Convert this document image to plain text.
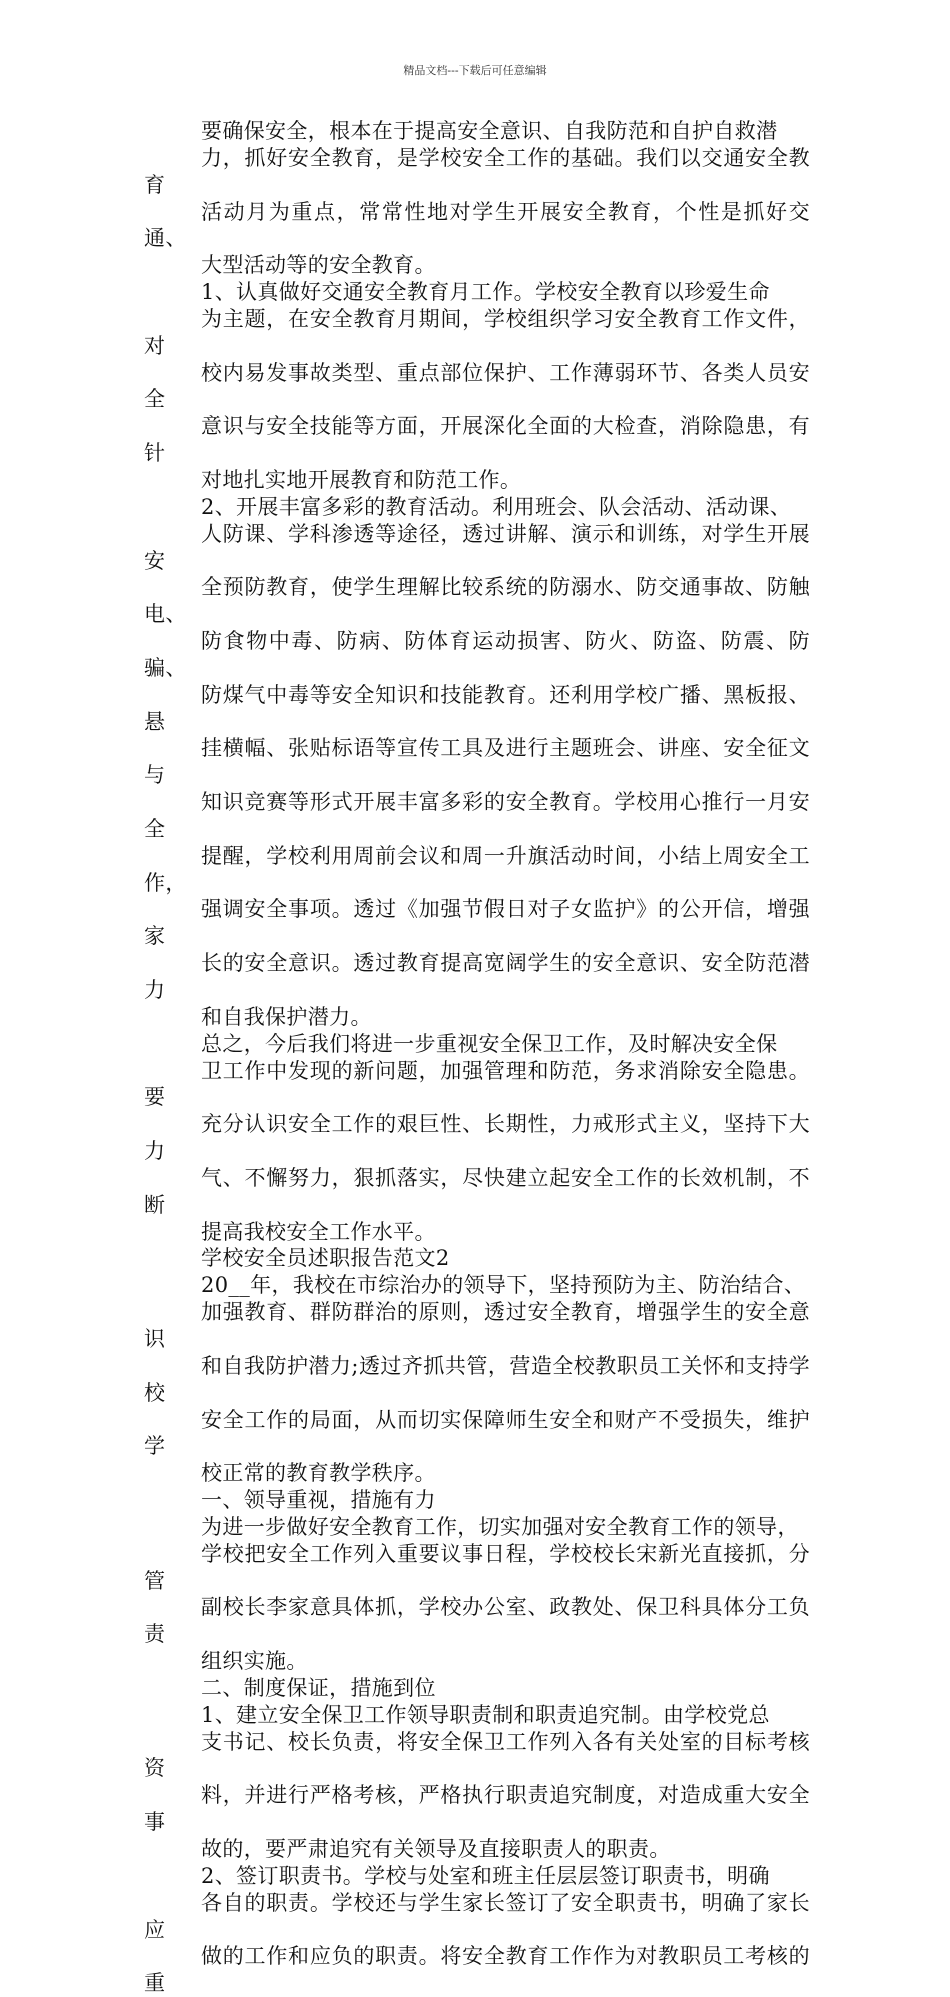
精品文档---下载后可任意编辑

要确保安全，根本在于提高安全意识、自我防范和自护自救潜
力，抓好安全教育，是学校安全工作的基础。我们以交通安全教育
活动月为重点，常常性地对学生开展安全教育，个性是抓好交通、
大型活动等的安全教育。

1、认真做好交通安全教育月工作。学校安全教育以珍爱生命
为主题，在安全教育月期间，学校组织学习安全教育工作文件，对
校内易发事故类型、重点部位保护、工作薄弱环节、各类人员安全
意识与安全技能等方面，开展深化全面的大检查，消除隐患，有针
对地扎实地开展教育和防范工作。

2、开展丰富多彩的教育活动。利用班会、队会活动、活动课、
人防课、学科渗透等途径，透过讲解、演示和训练，对学生开展安
全预防教育，使学生理解比较系统的防溺水、防交通事故、防触电、
防食物中毒、防病、防体育运动损害、防火、防盗、防震、防骗、
防煤气中毒等安全知识和技能教育。还利用学校广播、黑板报、悬
挂横幅、张贴标语等宣传工具及进行主题班会、讲座、安全征文与
知识竞赛等形式开展丰富多彩的安全教育。学校用心推行一月安全
提醒，学校利用周前会议和周一升旗活动时间，小结上周安全工作，
强调安全事项。透过《加强节假日对子女监护》的公开信，增强家
长的安全意识。透过教育提高宽阔学生的安全意识、安全防范潜力
和自我保护潜力。

总之，今后我们将进一步重视安全保卫工作，及时解决安全保
卫工作中发现的新问题，加强管理和防范，务求消除安全隐患。要
充分认识安全工作的艰巨性、长期性，力戒形式主义，坚持下大力
气、不懈努力，狠抓落实，尽快建立起安全工作的长效机制，不断
提高我校安全工作水平。

学校安全员述职报告范文2

20__年，我校在市综治办的领导下，坚持预防为主、防治结合、
加强教育、群防群治的原则，透过安全教育，增强学生的安全意识
和自我防护潜力;透过齐抓共管，营造全校教职员工关怀和支持学校
安全工作的局面，从而切实保障师生安全和财产不受损失，维护学
校正常的教育教学秩序。

一、领导重视，措施有力

为进一步做好安全教育工作，切实加强对安全教育工作的领导，
学校把安全工作列入重要议事日程，学校校长宋新光直接抓，分管
副校长李家意具体抓，学校办公室、政教处、保卫科具体分工负责
组织实施。

二、制度保证，措施到位

1、建立安全保卫工作领导职责制和职责追究制。由学校党总
支书记、校长负责，将安全保卫工作列入各有关处室的目标考核资
料，并进行严格考核，严格执行职责追究制度，对造成重大安全事
故的，要严肃追究有关领导及直接职责人的职责。

2、签订职责书。学校与处室和班主任层层签订职责书，明确
各自的职责。学校还与学生家长签订了安全职责书，明确了家长应
做的工作和应负的职责。将安全教育工作作为对教职员工考核的重
